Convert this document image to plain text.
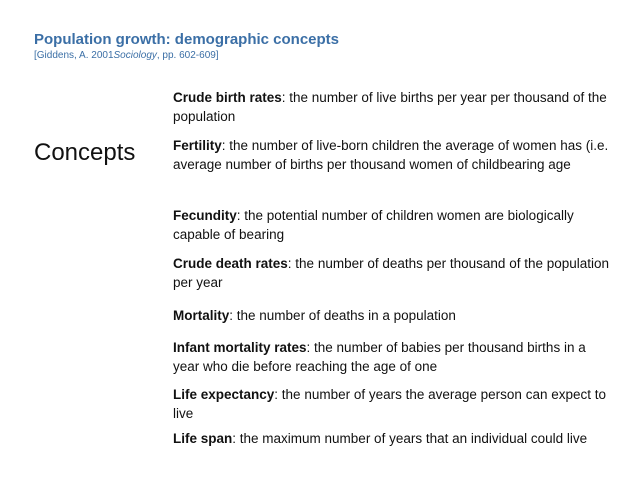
Population growth: demographic concepts
[Giddens, A. 2001Sociology, pp. 602-609]
Concepts
Crude birth rates: the number of live births per year per thousand of the population
Fertility: the number of live-born children the average of women has (i.e. average number of births per thousand women of childbearing age
Fecundity: the potential number of children women are biologically capable of bearing
Crude death rates: the number of deaths per thousand of the population per year
Mortality: the number of deaths in a population
Infant mortality rates: the number of babies per thousand births in a year who die before reaching the age of one
Life expectancy: the number of years the average person can expect to live
Life span: the maximum number of years that an individual could live
